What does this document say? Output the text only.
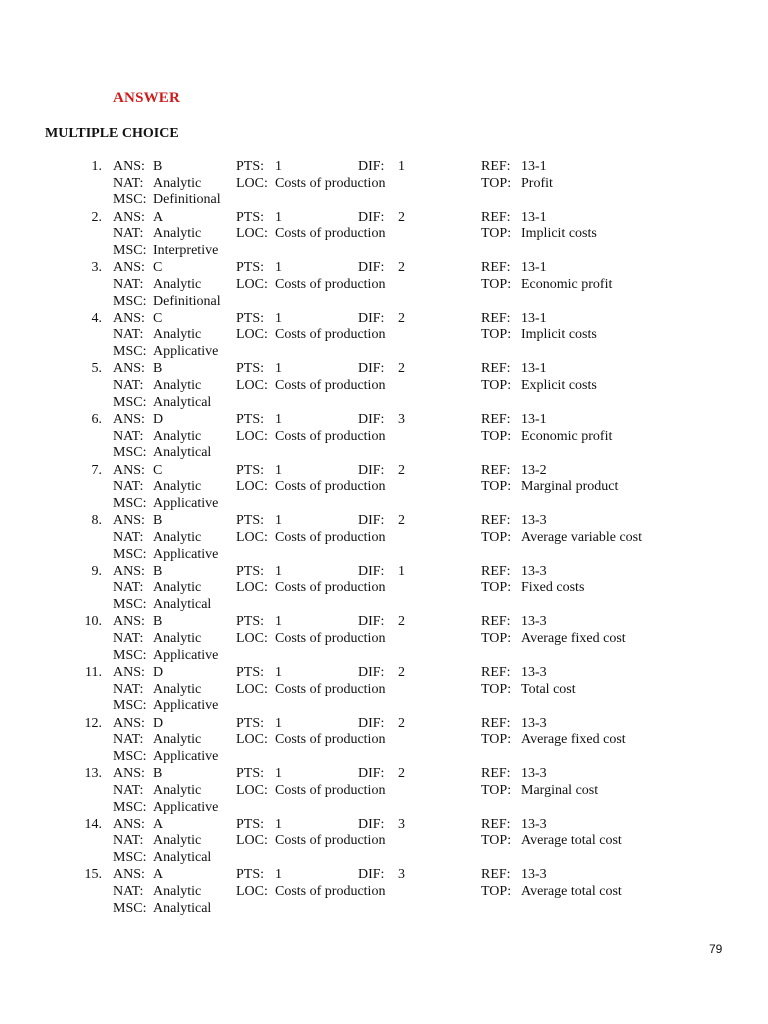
ANSWER
MULTIPLE CHOICE
1. ANS: B	PTS: 1	DIF: 1	REF: 13-1
NAT: Analytic LOC: Costs of production	TOP: Profit
MSC: Definitional
2. ANS: A	PTS: 1	DIF: 2	REF: 13-1
NAT: Analytic LOC: Costs of production	TOP: Implicit costs
MSC: Interpretive
3. ANS: C	PTS: 1	DIF: 2	REF: 13-1
NAT: Analytic LOC: Costs of production	TOP: Economic profit
MSC: Definitional
4. ANS: C	PTS: 1	DIF: 2	REF: 13-1
NAT: Analytic LOC: Costs of production	TOP: Implicit costs
MSC: Applicative
5. ANS: B	PTS: 1	DIF: 2	REF: 13-1
NAT: Analytic LOC: Costs of production	TOP: Explicit costs
MSC: Analytical
6. ANS: D	PTS: 1	DIF: 3	REF: 13-1
NAT: Analytic LOC: Costs of production	TOP: Economic profit
MSC: Analytical
7. ANS: C	PTS: 1	DIF: 2	REF: 13-2
NAT: Analytic LOC: Costs of production	TOP: Marginal product
MSC: Applicative
8. ANS: B	PTS: 1	DIF: 2	REF: 13-3
NAT: Analytic LOC: Costs of production	TOP: Average variable cost
MSC: Applicative
9. ANS: B	PTS: 1	DIF: 1	REF: 13-3
NAT: Analytic LOC: Costs of production	TOP: Fixed costs
MSC: Analytical
10. ANS: B	PTS: 1	DIF: 2	REF: 13-3
NAT: Analytic LOC: Costs of production	TOP: Average fixed cost
MSC: Applicative
11. ANS: D	PTS: 1	DIF: 2	REF: 13-3
NAT: Analytic LOC: Costs of production	TOP: Total cost
MSC: Applicative
12. ANS: D	PTS: 1	DIF: 2	REF: 13-3
NAT: Analytic LOC: Costs of production	TOP: Average fixed cost
MSC: Applicative
13. ANS: B	PTS: 1	DIF: 2	REF: 13-3
NAT: Analytic LOC: Costs of production	TOP: Marginal cost
MSC: Applicative
14. ANS: A	PTS: 1	DIF: 3	REF: 13-3
NAT: Analytic LOC: Costs of production	TOP: Average total cost
MSC: Analytical
15. ANS: A	PTS: 1	DIF: 3	REF: 13-3
NAT: Analytic LOC: Costs of production	TOP: Average total cost
MSC: Analytical
79
